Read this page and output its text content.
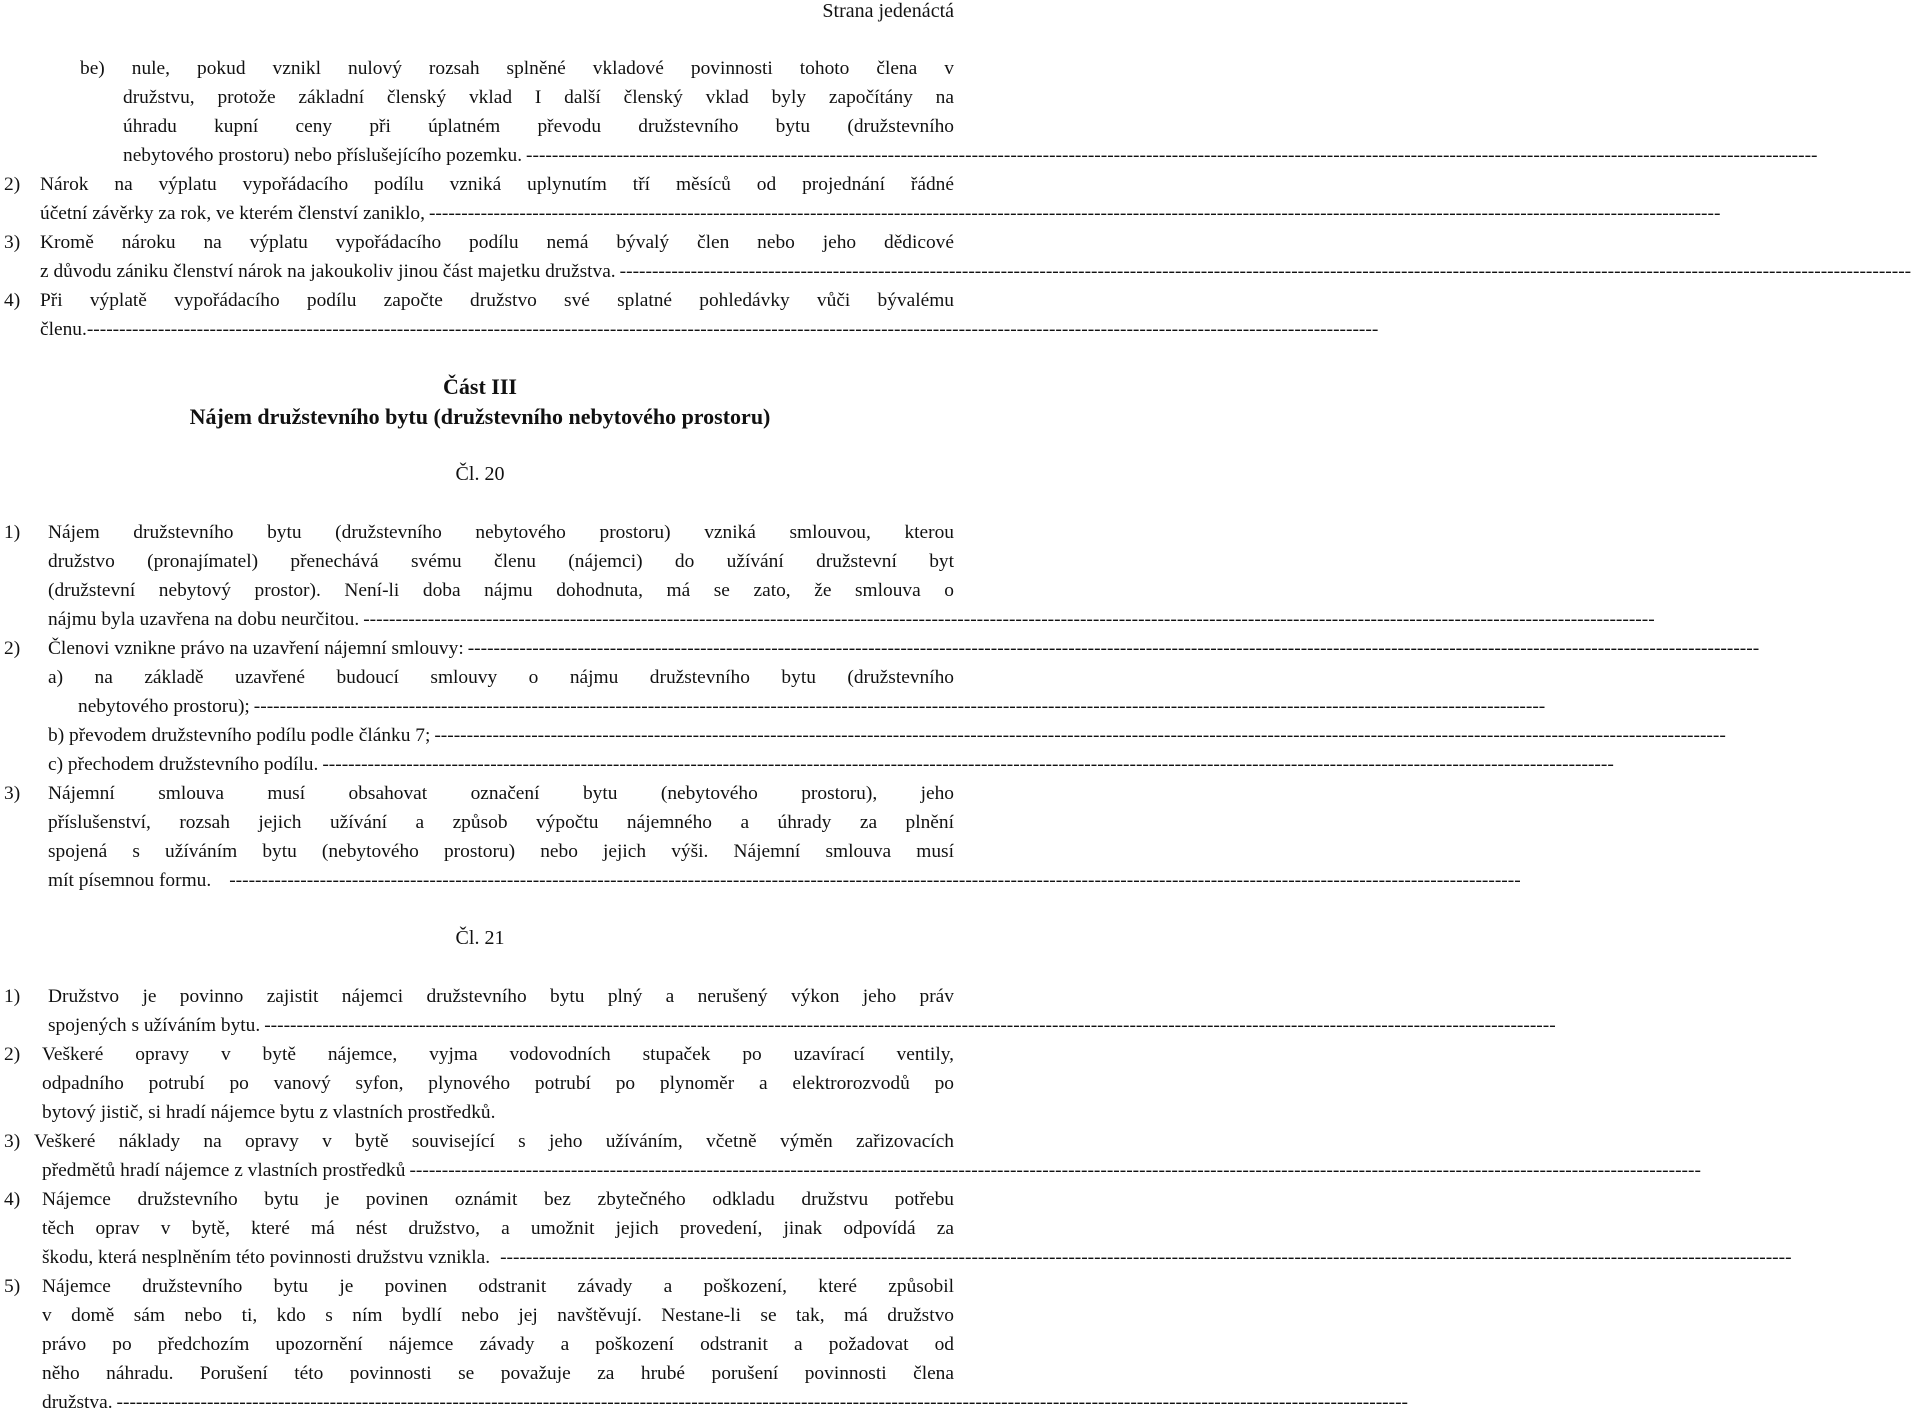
Strana jedenáctá
be) nule, pokud vznikl nulový rozsah splněné vkladové povinnosti tohoto člena v
družstvu, protože základní členský vklad I další členský vklad byly započítány na
úhradu kupní ceny při úplatném převodu družstevního bytu (družstevního
nebytového prostoru) nebo příslušejícího pozemku. --------------------------------------------------------------------------------------------------------------------------------------------------------------------------------------------------------
2) Nárok na výplatu vypořádacího podílu vzniká uplynutím tří měsíců od projednání řádné
účetní závěrky za rok, ve kterém členství zaniklo, --------------------------------------------------------------------------------------------------------------------------------------------------------------------------------------------------------
3) Kromě nároku na výplatu vypořádacího podílu nemá bývalý člen nebo jeho dědicové
z důvodu zániku členství nárok na jakoukoliv jinou část majetku družstva. --------------------------------------------------------------------------------------------------------------------------------------------------------------------------------------------------------
4) Při výplatě vypořádacího podílu započte družstvo své splatné pohledávky vůči bývalému
členu. --------------------------------------------------------------------------------------------------------------------------------------------------------------------------------------------------------
Část III
Nájem družstevního bytu (družstevního nebytového prostoru)
Čl. 20
1) Nájem družstevního bytu (družstevního nebytového prostoru) vzniká smlouvou, kterou
družstvo (pronajímatel) přenechává svému členu (nájemci) do užívání družstevní byt
(družstevní nebytový prostor). Není-li doba nájmu dohodnuta, má se zato, že smlouva o
nájmu byla uzavřena na dobu neurčitou. --------------------------------------------------------------------------------------------------------------------------------------------------------------------------------------------------------
2) Členovi vznikne právo na uzavření nájemní smlouvy: --------------------------------------------------------------------------------------------------------------------------------------------------------------------------------------------------------
a) na základě uzavřené budoucí smlouvy o nájmu družstevního bytu (družstevního
nebytového prostoru); --------------------------------------------------------------------------------------------------------------------------------------------------------------------------------------------------------
b) převodem družstevního podílu podle článku 7; --------------------------------------------------------------------------------------------------------------------------------------------------------------------------------------------------------
c) přechodem družstevního podílu. --------------------------------------------------------------------------------------------------------------------------------------------------------------------------------------------------------
3) Nájemní smlouva musí obsahovat označení bytu (nebytového prostoru), jeho
příslušenství, rozsah jejich užívání a způsob výpočtu nájemného a úhrady za plnění
spojená s užíváním bytu (nebytového prostoru) nebo jejich výši. Nájemní smlouva musí
mít písemnou formu. --------------------------------------------------------------------------------------------------------------------------------------------------------------------------------------------------------
Čl. 21
1) Družstvo je povinno zajistit nájemci družstevního bytu plný a nerušený výkon jeho práv
spojených s užíváním bytu. --------------------------------------------------------------------------------------------------------------------------------------------------------------------------------------------------------
2) Veškeré opravy v bytě nájemce, vyjma vodovodních stupaček po uzavírací ventily,
odpadního potrubí po vanový syfon, plynového potrubí po plynoměr a elektrorozvodů po
bytový jistič, si hradí nájemce bytu z vlastních prostředků.
3) Veškeré náklady na opravy v bytě související s jeho užíváním, včetně výměn zařizovacích
předmětů hradí nájemce z vlastních prostředků --------------------------------------------------------------------------------------------------------------------------------------------------------------------------------------------------------
4) Nájemce družstevního bytu je povinen oznámit bez zbytečného odkladu družstvu potřebu
těch oprav v bytě, které má nést družstvo, a umožnit jejich provedení, jinak odpovídá za
škodu, která nesplněním této povinnosti družstvu vznikla. --------------------------------------------------------------------------------------------------------------------------------------------------------------------------------------------------------
5) Nájemce družstevního bytu je povinen odstranit závady a poškození, které způsobil
v domě sám nebo ti, kdo s ním bydlí nebo jej navštěvují. Nestane-li se tak, má družstvo
právo po předchozím upozornění nájemce závady a poškození odstranit a požadovat od
něho náhradu. Porušení této povinnosti se považuje za hrubé porušení povinnosti člena
družstva. --------------------------------------------------------------------------------------------------------------------------------------------------------------------------------------------------------
